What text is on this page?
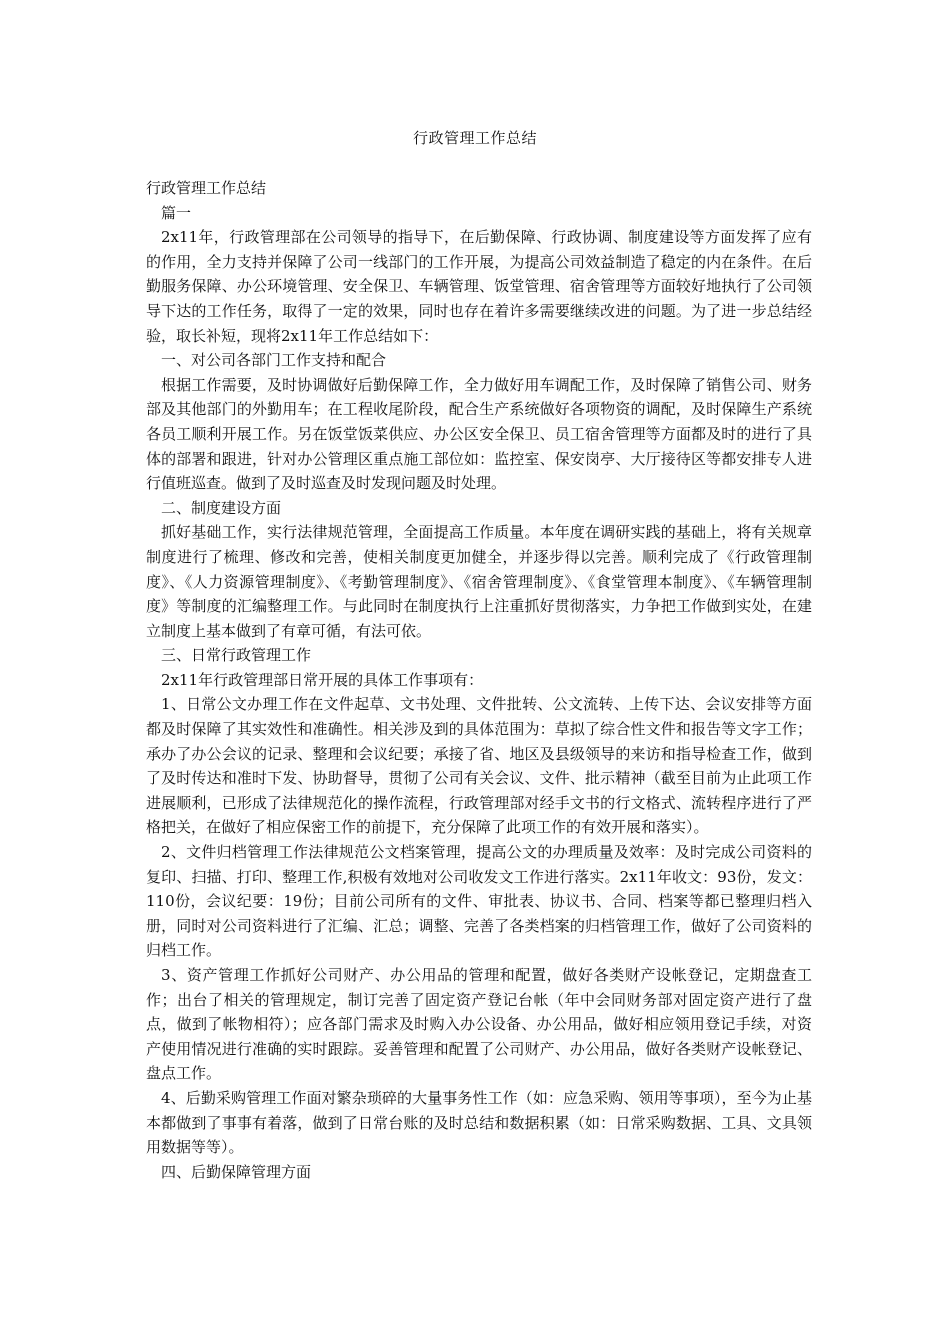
行政管理工作总结

行政管理工作总结

篇一

2x11年，行政管理部在公司领导的指导下，在后勤保障、行政协调、制度建设等方面发挥了应有的作用，全力支持并保障了公司一线部门的工作开展，为提高公司效益制造了稳定的内在条件。在后勤服务保障、办公环境管理、安全保卫、车辆管理、饭堂管理、宿舍管理等方面较好地执行了公司领导下达的工作任务，取得了一定的效果，同时也存在着许多需要继续改进的问题。为了进一步总结经验，取长补短，现将2x11年工作总结如下：

一、对公司各部门工作支持和配合

根据工作需要，及时协调做好后勤保障工作，全力做好用车调配工作，及时保障了销售公司、财务部及其他部门的外勤用车；在工程收尾阶段，配合生产系统做好各项物资的调配，及时保障生产系统各员工顺利开展工作。另在饭堂饭菜供应、办公区安全保卫、员工宿舍管理等方面都及时的进行了具体的部署和跟进，针对办公管理区重点施工部位如：监控室、保安岗亭、大厅接待区等都安排专人进行值班巡查。做到了及时巡查及时发现问题及时处理。

二、制度建设方面

抓好基础工作，实行法律规范管理，全面提高工作质量。本年度在调研实践的基础上，将有关规章制度进行了梳理、修改和完善，使相关制度更加健全，并逐步得以完善。顺利完成了《行政管理制度》、《人力资源管理制度》、《考勤管理制度》、《宿舍管理制度》、《食堂管理本制度》、《车辆管理制度》等制度的汇编整理工作。与此同时在制度执行上注重抓好贯彻落实，力争把工作做到实处，在建立制度上基本做到了有章可循，有法可依。

三、日常行政管理工作

2x11年行政管理部日常开展的具体工作事项有：

1、日常公文办理工作在文件起草、文书处理、文件批转、公文流转、上传下达、会议安排等方面都及时保障了其实效性和准确性。相关涉及到的具体范围为：草拟了综合性文件和报告等文字工作；承办了办公会议的记录、整理和会议纪要；承接了省、地区及县级领导的来访和指导检查工作，做到了及时传达和准时下发、协助督导，贯彻了公司有关会议、文件、批示精神（截至目前为止此项工作进展顺利，已形成了法律规范化的操作流程，行政管理部对经手文书的行文格式、流转程序进行了严格把关，在做好了相应保密工作的前提下，充分保障了此项工作的有效开展和落实）。

2、文件归档管理工作法律规范公文档案管理，提高公文的办理质量及效率：及时完成公司资料的复印、扫描、打印、整理工作,积极有效地对公司收发文工作进行落实。2x11年收文：93份，发文：110份，会议纪要：19份；目前公司所有的文件、审批表、协议书、合同、档案等都已整理归档入册，同时对公司资料进行了汇编、汇总；调整、完善了各类档案的归档管理工作，做好了公司资料的归档工作。

3、资产管理工作抓好公司财产、办公用品的管理和配置，做好各类财产设帐登记，定期盘查工作；出台了相关的管理规定，制订完善了固定资产登记台帐（年中会同财务部对固定资产进行了盘点，做到了帐物相符）；应各部门需求及时购入办公设备、办公用品，做好相应领用登记手续，对资产使用情况进行准确的实时跟踪。妥善管理和配置了公司财产、办公用品，做好各类财产设帐登记、盘点工作。

4、后勤采购管理工作面对繁杂琐碎的大量事务性工作（如：应急采购、领用等事项），至今为止基本都做到了事事有着落，做到了日常台账的及时总结和数据积累（如：日常采购数据、工具、文具领用数据等等）。

四、后勤保障管理方面
